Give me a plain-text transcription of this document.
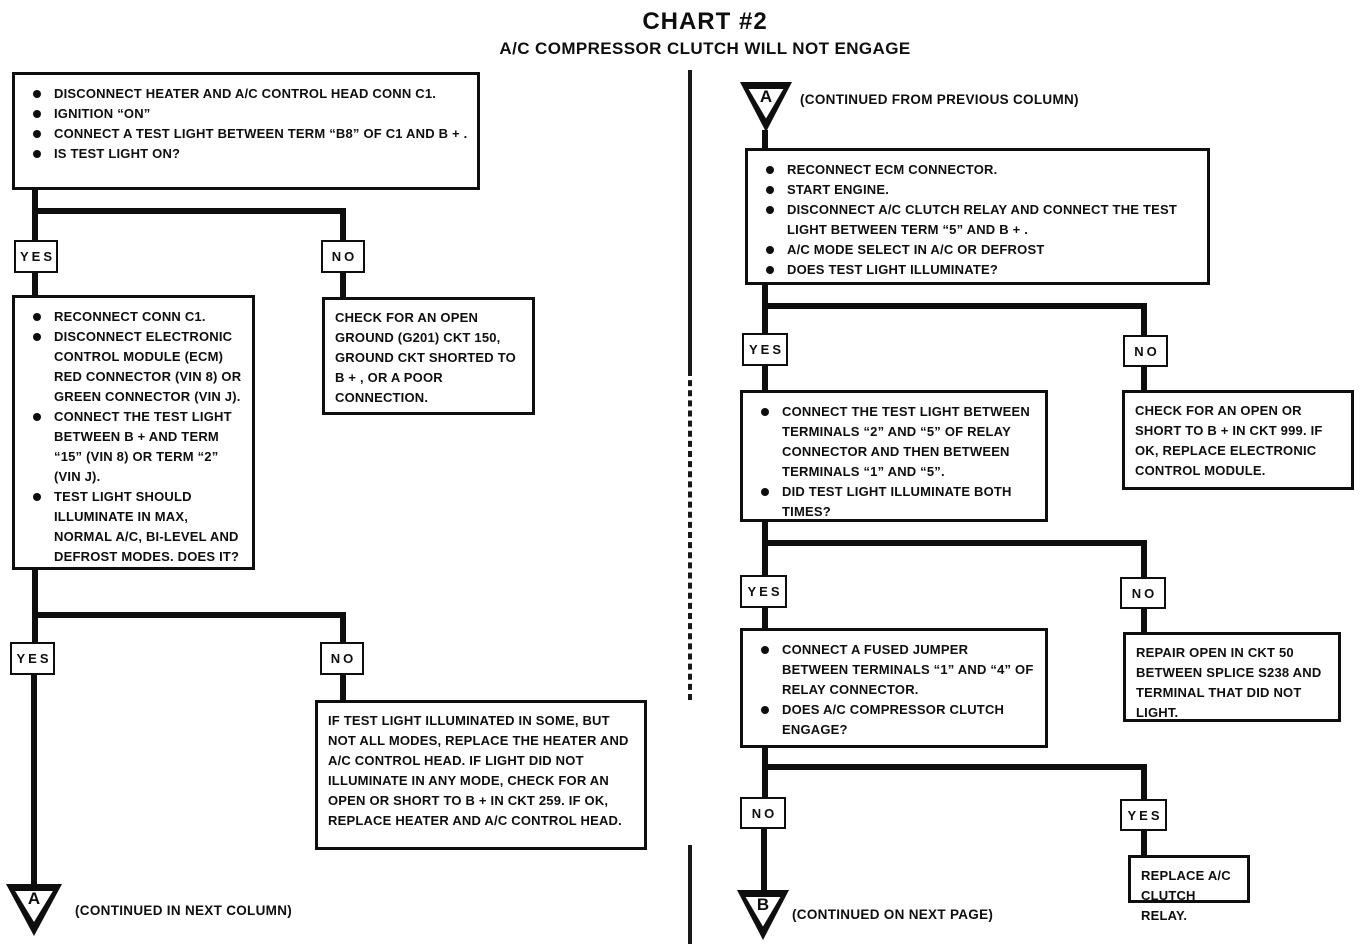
CHART #2
A/C COMPRESSOR CLUTCH WILL NOT ENGAGE
DISCONNECT HEATER AND A/C CONTROL HEAD CONN C1.
IGNITION “ON”
CONNECT A TEST LIGHT BETWEEN TERM “B8” OF C1 AND B + .
IS TEST LIGHT ON?
YES	NO
RECONNECT CONN C1.
DISCONNECT ELECTRONIC CONTROL MODULE (ECM) RED CONNECTOR (VIN 8) OR GREEN CONNECTOR (VIN J).
CONNECT THE TEST LIGHT BETWEEN B + AND TERM “15” (VIN 8) OR TERM “2” (VIN J).
TEST LIGHT SHOULD ILLUMINATE IN MAX, NORMAL A/C, BI-LEVEL AND DEFROST MODES. DOES IT?
CHECK FOR AN OPEN GROUND (G201) CKT 150, GROUND CKT SHORTED TO B + , OR A POOR CONNECTION.
YES	NO
IF TEST LIGHT ILLUMINATED IN SOME, BUT NOT ALL MODES, REPLACE THE HEATER AND A/C CONTROL HEAD. IF LIGHT DID NOT ILLUMINATE IN ANY MODE, CHECK FOR AN OPEN OR SHORT TO B + IN CKT 259. IF OK, REPLACE HEATER AND A/C CONTROL HEAD.
A
(CONTINUED IN NEXT COLUMN)
A	(CONTINUED FROM PREVIOUS COLUMN)
RECONNECT ECM CONNECTOR.
START ENGINE.
DISCONNECT A/C CLUTCH RELAY AND CONNECT THE TEST LIGHT BETWEEN TERM “5” AND B + .
A/C MODE SELECT IN A/C OR DEFROST
DOES TEST LIGHT ILLUMINATE?
YES	NO
CONNECT THE TEST LIGHT BETWEEN TERMINALS “2” AND “5” OF RELAY CONNECTOR AND THEN BETWEEN TERMINALS “1” AND “5”.
DID TEST LIGHT ILLUMINATE BOTH TIMES?
CHECK FOR AN OPEN OR SHORT TO B + IN CKT 999. IF OK, REPLACE ELECTRONIC CONTROL MODULE.
YES	NO
CONNECT A FUSED JUMPER BETWEEN TERMINALS “1” AND “4” OF RELAY CONNECTOR.
DOES A/C COMPRESSOR CLUTCH ENGAGE?
REPAIR OPEN IN CKT 50 BETWEEN SPLICE S238 AND TERMINAL THAT DID NOT LIGHT.
NO	YES
REPLACE A/C CLUTCH RELAY.
B
(CONTINUED ON NEXT PAGE)
